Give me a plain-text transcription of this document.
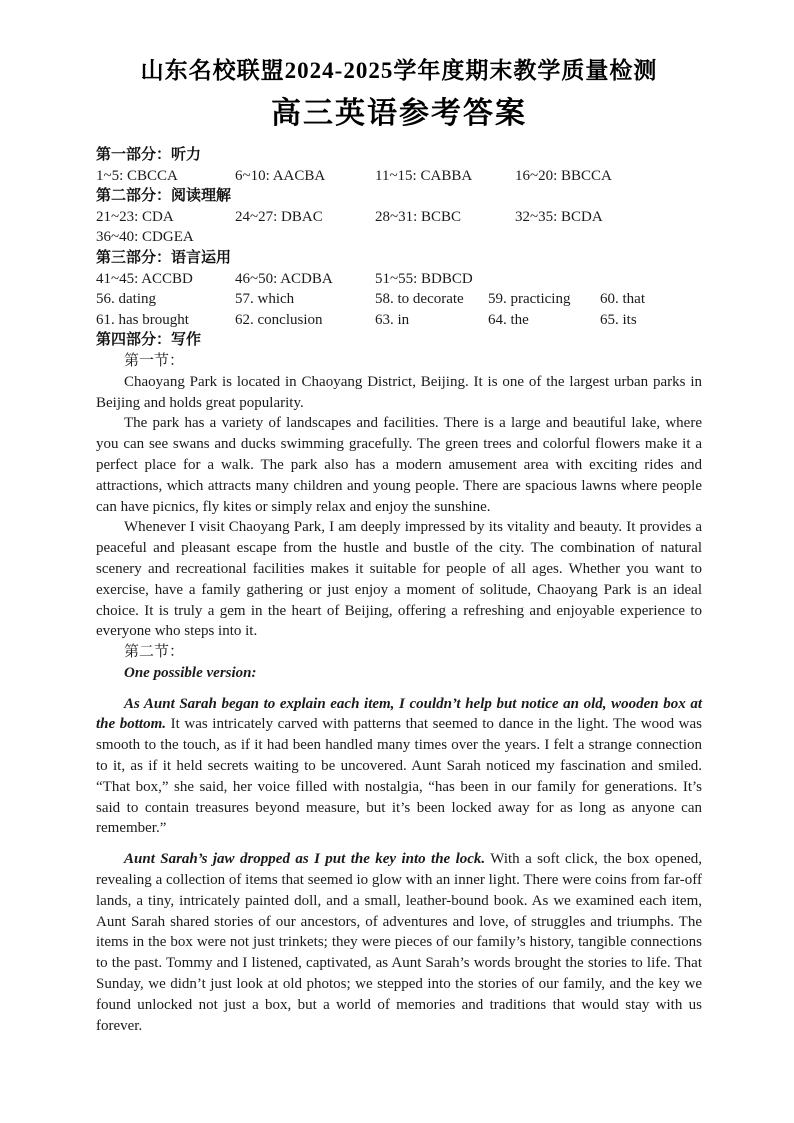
山东名校联盟2024-2025学年度期末教学质量检测
高三英语参考答案
第一部分：听力
1~5: CBCCA	6~10: AACBA	11~15: CABBA	16~20: BBCCA
第二部分：阅读理解
21~23: CDA	24~27: DBAC	28~31: BCBC	32~35: BCDA
36~40: CDGEA
第三部分：语言运用
41~45: ACCBD	46~50: ACDBA	51~55: BDBCD
56. dating	57. which	58. to decorate	59. practicing	60. that
61. has brought	62. conclusion	63. in	64. the	65. its
第四部分：写作

第一节：

Chaoyang Park is located in Chaoyang District, Beijing. It is one of the largest urban parks in Beijing and holds great popularity.

The park has a variety of landscapes and facilities. There is a large and beautiful lake, where you can see swans and ducks swimming gracefully. The green trees and colorful flowers make it a perfect place for a walk. The park also has a modern amusement area with exciting rides and attractions, which attracts many children and young people. There are spacious lawns where people can have picnics, fly kites or simply relax and enjoy the sunshine.

Whenever I visit Chaoyang Park, I am deeply impressed by its vitality and beauty. It provides a peaceful and pleasant escape from the hustle and bustle of the city. The combination of natural scenery and recreational facilities makes it suitable for people of all ages. Whether you want to exercise, have a family gathering or just enjoy a moment of solitude, Chaoyang Park is an ideal choice. It is truly a gem in the heart of Beijing, offering a refreshing and enjoyable experience to everyone who steps into it.

第二节：

One possible version:

As Aunt Sarah began to explain each item, I couldn’t help but notice an old, wooden box at the bottom. It was intricately carved with patterns that seemed to dance in the light. The wood was smooth to the touch, as if it had been handled many times over the years. I felt a strange connection to it, as if it held secrets waiting to be uncovered. Aunt Sarah noticed my fascination and smiled. “That box,” she said, her voice filled with nostalgia, “has been in our family for generations. It’s said to contain treasures beyond measure, but it’s been locked away for as long as anyone can remember.”

Aunt Sarah’s jaw dropped as I put the key into the lock. With a soft click, the box opened, revealing a collection of items that seemed io glow with an inner light. There were coins from far-off lands, a tiny, intricately painted doll, and a small, leather-bound book. As we examined each item, Aunt Sarah shared stories of our ancestors, of adventures and love, of struggles and triumphs. The items in the box were not just trinkets; they were pieces of our family’s history, tangible connections to the past. Tommy and I listened, captivated, as Aunt Sarah’s words brought the stories to life. That Sunday, we didn’t just look at old photos; we stepped into the stories of our family, and the key we found unlocked not just a box, but a world of memories and traditions that would stay with us forever.
